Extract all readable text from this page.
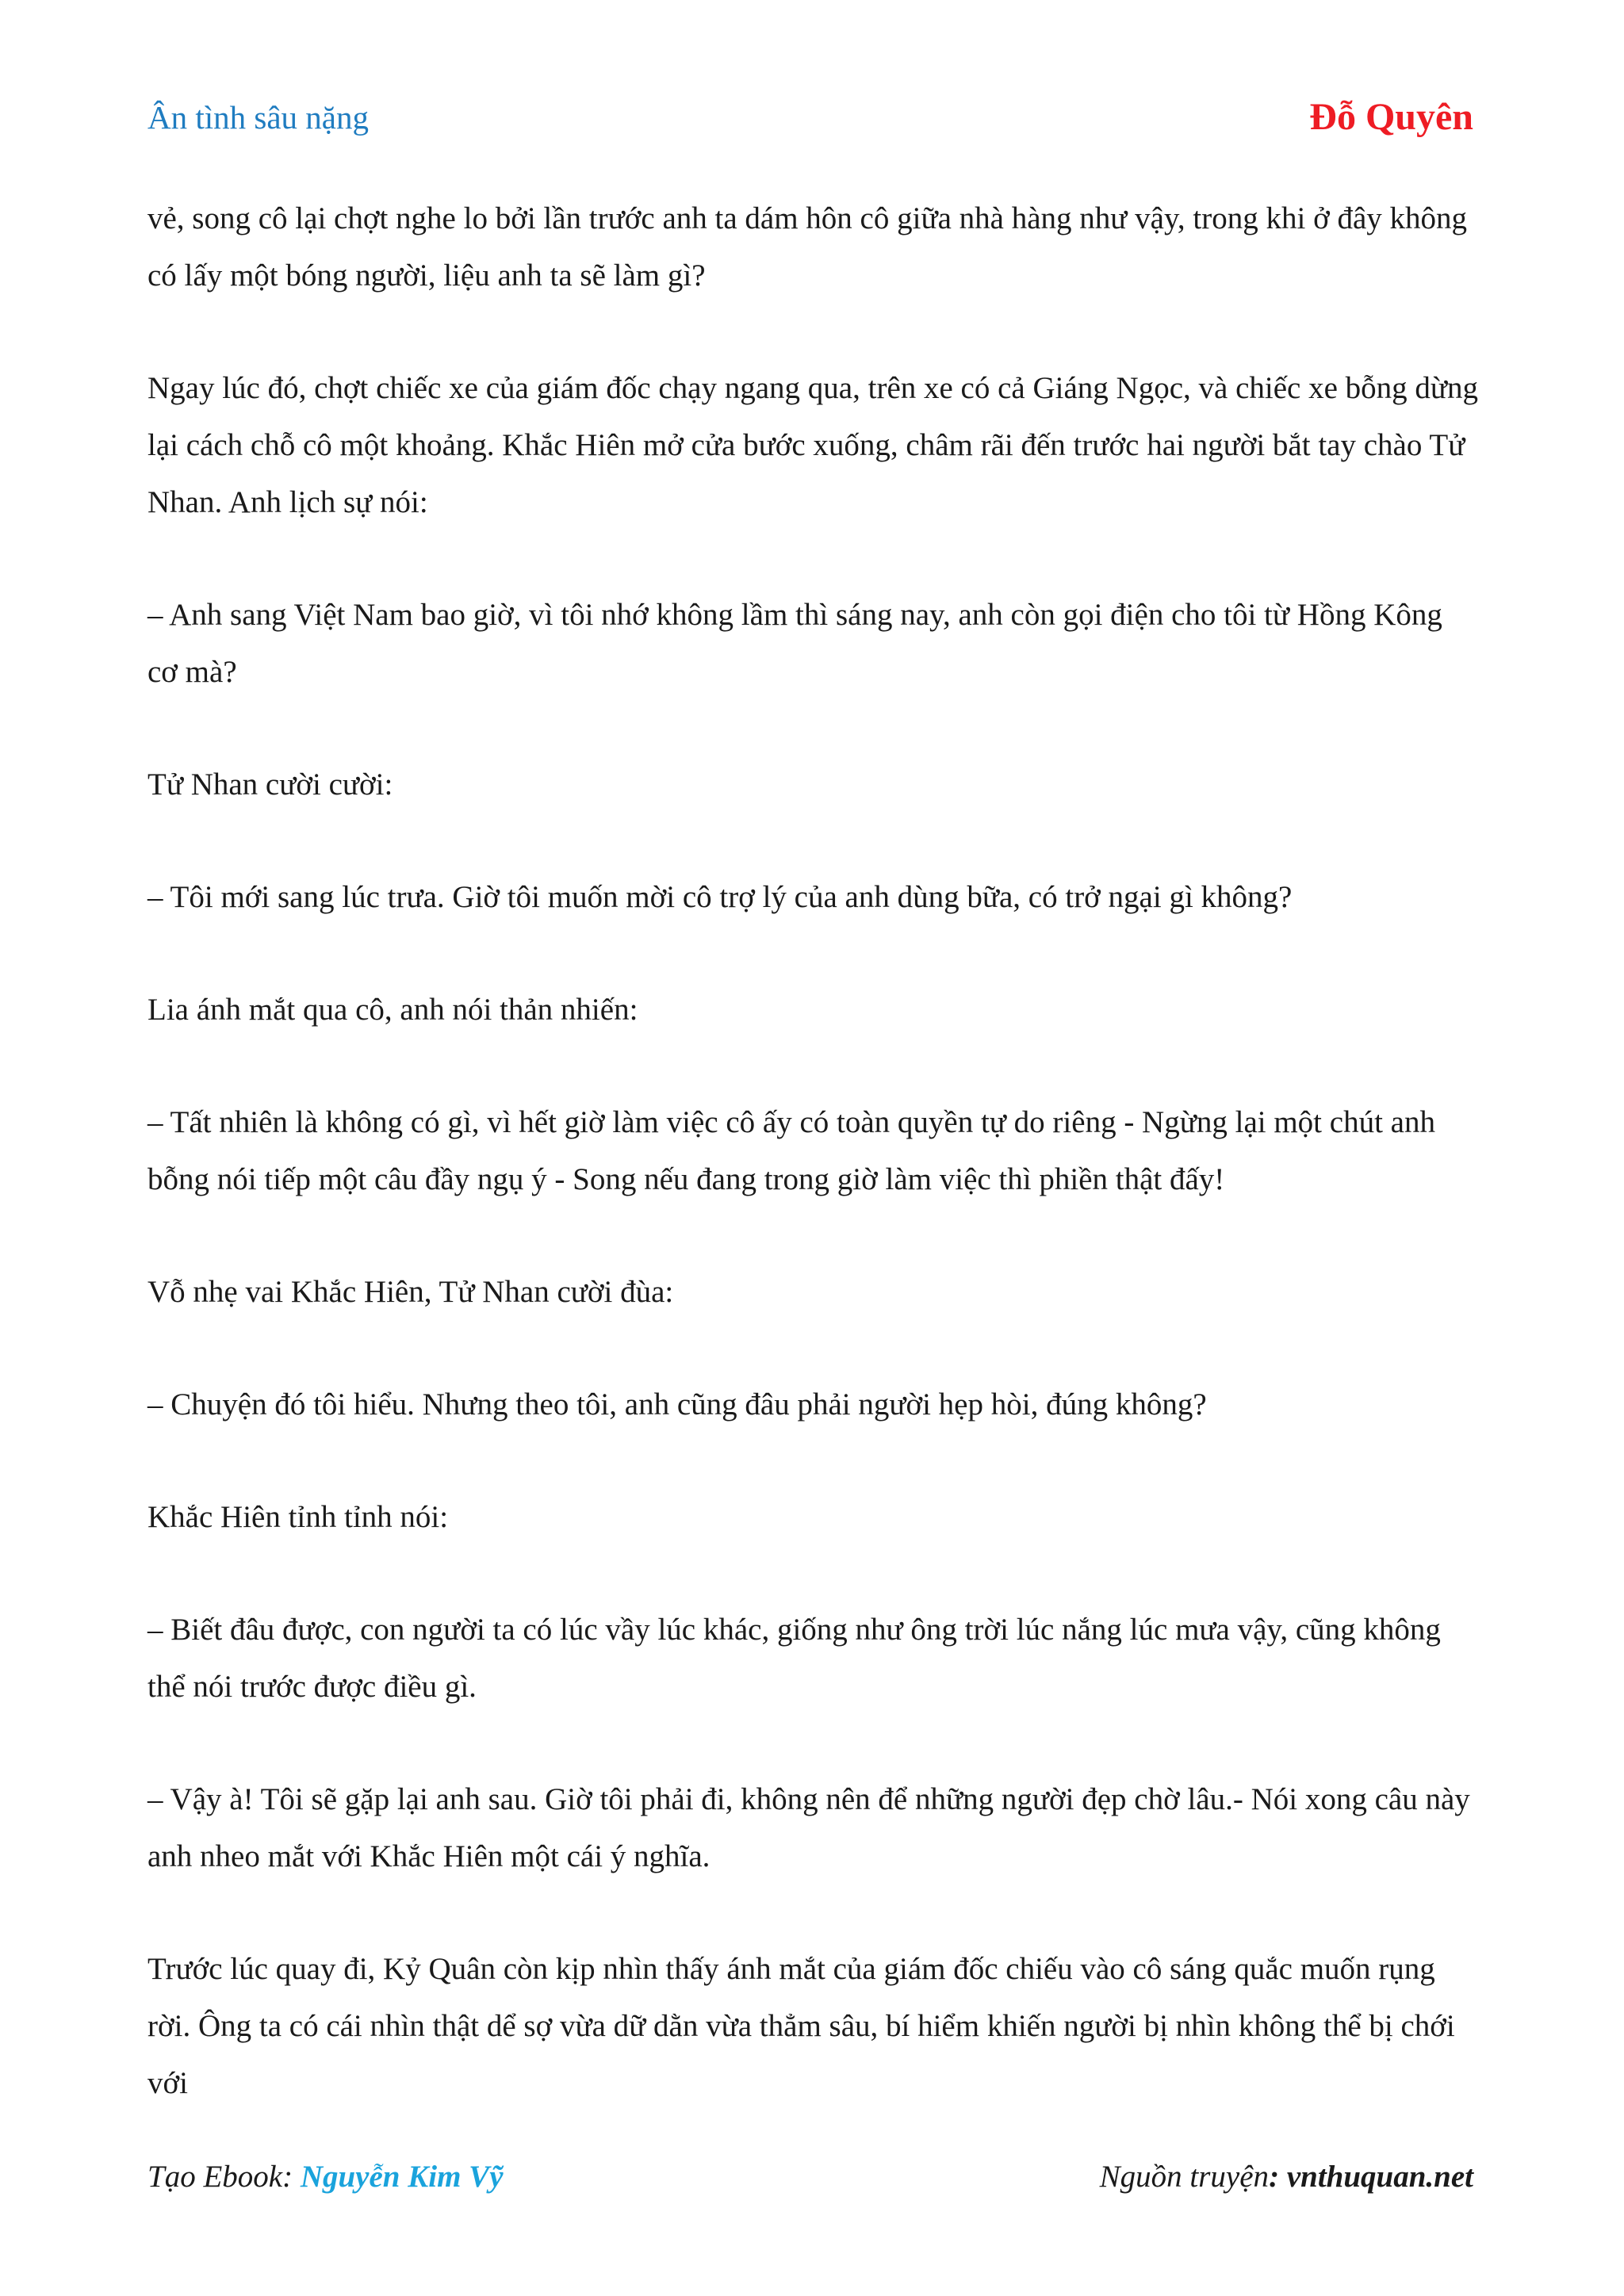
Ân tình sâu nặng	Đỗ Quyên

vẻ, song cô lại chợt nghe lo bởi lần trước anh ta dám hôn cô giữa nhà hàng như vậy, trong khi ở đây không có lấy một bóng người, liệu anh ta sẽ làm gì?

Ngay lúc đó, chợt chiếc xe của giám đốc chạy ngang qua, trên xe có cả Giáng Ngọc, và chiếc xe bỗng dừng lại cách chỗ cô một khoảng. Khắc Hiên mở cửa bước xuống, châm rãi đến trước hai người bắt tay chào Tử Nhan. Anh lịch sự nói:

– Anh sang Việt Nam bao giờ, vì tôi nhớ không lầm thì sáng nay, anh còn gọi điện cho tôi từ Hồng Kông cơ mà?

Tử Nhan cười cười:

– Tôi mới sang lúc trưa. Giờ tôi muốn mời cô trợ lý của anh dùng bữa, có trở ngại gì không?

Lia ánh mắt qua cô, anh nói thản nhiến:

– Tất nhiên là không có gì, vì hết giờ làm việc cô ấy có toàn quyền tự do riêng - Ngừng lại một chút anh bỗng nói tiếp một câu đầy ngụ ý - Song nếu đang trong giờ làm việc thì phiền thật đấy!

Vỗ nhẹ vai Khắc Hiên, Tử Nhan cười đùa:

– Chuyện đó tôi hiểu. Nhưng theo tôi, anh cũng đâu phải người hẹp hòi, đúng không?

Khắc Hiên tỉnh tỉnh nói:

– Biết đâu được, con người ta có lúc vầy lúc khác, giống như ông trời lúc nắng lúc mưa vậy, cũng không thể nói trước được điều gì.

– Vậy à! Tôi sẽ gặp lại anh sau. Giờ tôi phải đi, không nên để những người đẹp chờ lâu.- Nói xong câu này anh nheo mắt với Khắc Hiên một cái ý nghĩa.

Trước lúc quay đi, Kỷ Quân còn kịp nhìn thấy ánh mắt của giám đốc chiếu vào cô sáng quắc muốn rụng rời. Ông ta có cái nhìn thật dể sợ vừa dữ dằn vừa thẳm sâu, bí hiểm khiến người bị nhìn không thể bị chới với

Tạo Ebook: Nguyễn Kim Vỹ	Nguồn truyện: vnthuquan.net
